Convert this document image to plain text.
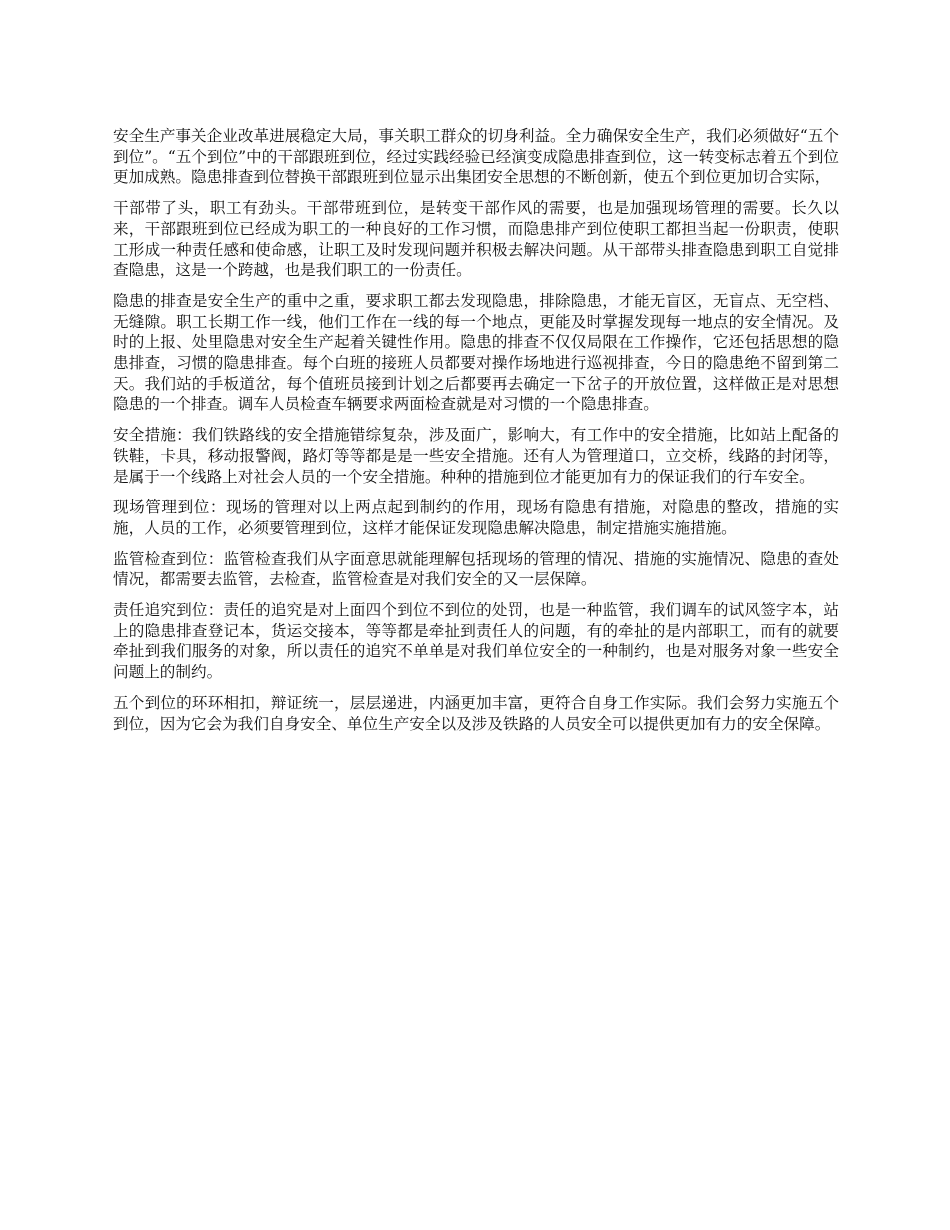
安全生产事关企业改革进展稳定大局，事关职工群众的切身利益。全力确保安全生产，我们必须做好“五个到位”。“五个到位”中的干部跟班到位，经过实践经验已经演变成隐患排查到位，这一转变标志着五个到位更加成熟。隐患排查到位替换干部跟班到位显示出集团安全思想的不断创新，使五个到位更加切合实际，

干部带了头，职工有劲头。干部带班到位，是转变干部作风的需要，也是加强现场管理的需要。长久以来，干部跟班到位已经成为职工的一种良好的工作习惯，而隐患排产到位使职工都担当起一份职责，使职工形成一种责任感和使命感，让职工及时发现问题并积极去解决问题。从干部带头排查隐患到职工自觉排查隐患，这是一个跨越，也是我们职工的一份责任。

隐患的排查是安全生产的重中之重，要求职工都去发现隐患，排除隐患，才能无盲区，无盲点、无空档、无缝隙。职工长期工作一线，他们工作在一线的每一个地点，更能及时掌握发现每一地点的安全情况。及时的上报、处里隐患对安全生产起着关键性作用。隐患的排查不仅仅局限在工作操作，它还包括思想的隐患排查，习惯的隐患排查。每个白班的接班人员都要对操作场地进行巡视排查，今日的隐患绝不留到第二天。我们站的手板道岔，每个值班员接到计划之后都要再去确定一下岔子的开放位置，这样做正是对思想隐患的一个排查。调车人员检查车辆要求两面检查就是对习惯的一个隐患排查。

安全措施：我们铁路线的安全措施错综复杂，涉及面广，影响大，有工作中的安全措施，比如站上配备的铁鞋，卡具，移动报警阀，路灯等等都是是一些安全措施。还有人为管理道口，立交桥，线路的封闭等，是属于一个线路上对社会人员的一个安全措施。种种的措施到位才能更加有力的保证我们的行车安全。

现场管理到位：现场的管理对以上两点起到制约的作用，现场有隐患有措施，对隐患的整改，措施的实施，人员的工作，必须要管理到位，这样才能保证发现隐患解决隐患，制定措施实施措施。

监管检查到位：监管检查我们从字面意思就能理解包括现场的管理的情况、措施的实施情况、隐患的查处情况，都需要去监管，去检查，监管检查是对我们安全的又一层保障。

责任追究到位：责任的追究是对上面四个到位不到位的处罚，也是一种监管，我们调车的试风签字本，站上的隐患排查登记本，货运交接本，等等都是牵扯到责任人的问题，有的牵扯的是内部职工，而有的就要牵扯到我们服务的对象，所以责任的追究不单单是对我们单位安全的一种制约，也是对服务对象一些安全问题上的制约。

五个到位的环环相扣，辩证统一，层层递进，内涵更加丰富，更符合自身工作实际。我们会努力实施五个到位，因为它会为我们自身安全、单位生产安全以及涉及铁路的人员安全可以提供更加有力的安全保障。
